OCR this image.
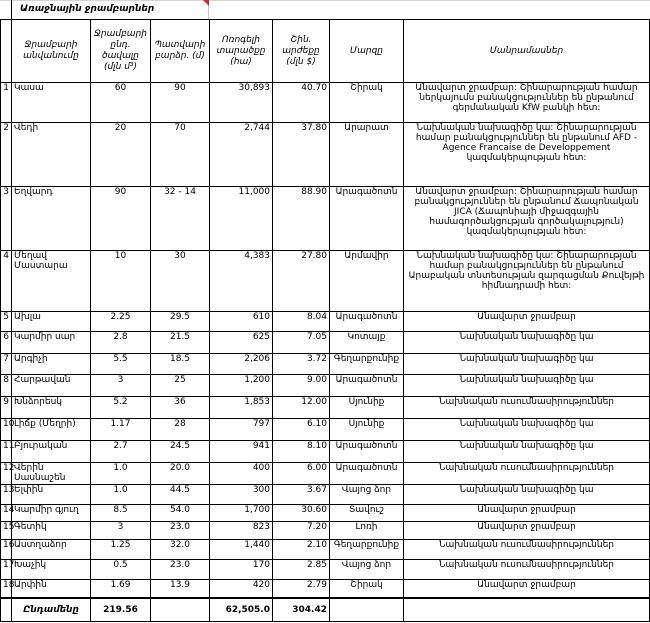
Առաջնային ջրամբարներ
	Ջրամբարի անվանումը	Ջրամբարի ընդ. ծավալը (մլն մ³)	Պատվարի բարձր. (մ)	Ոռոգելի տարածքը (հա)	Շին. արժեքը (մլն $)	Մարզը	Մանրամասներ
1	Կասա	60	90	30,893	40.70	Շիրակ	Անավարտ ջրամբար: Շինարարության համար ներկայումս բանակցություններ են ընթանում գերմանական KfW բանկի հետ:
2	Վեդի	20	70	2,744	37.80	Արարատ	Նախնական նախագիծը կա: Շինարարության համար բանակցություններ են ընթանում AFD - Agence Francaise de Developpement կազմակերպության հետ:
3	Եղվարդ	90	32 - 14	11,000	88.90	Արագածոտն	Անավարտ ջրամբար: Շինարարության համար բանակցություններ են ընթանում Ճապոնական JICA (Ճապոնիայի միջազգային համագործակցության գործակալություն) կազմակերպության հետ:
4	Մեղավ Մաստարա	10	30	4,383	27.80	Արմավիր	Նախնական նախագիծը կա: Շինարարության համար բանակցություններ են ընթանում Արաբական տնտեսության զարգացման Քուվեյթի հիմնադրամի հետ:
5	Ախլա	2.25	29.5	610	8.04	Արագածոտն	Անավարտ ջրամբար
6	Կարմիր սար	2.8	21.5	625	7.05	Կոտայք	Նախնական նախագիծը կա
7	Արգիչի	5.5	18.5	2,206	3.72	Գեղարքունիք	Նախնական նախագիծը կա
8	Հարթավան	3	25	1,200	9.00	Արագածոտն	Նախնական նախագիծը կա
9	Խնձորեսկ	5.2	36	1,853	12.00	Սյունիք	Նախնական ուսումնասիրություններ
10	Լիճք (Մեղրի)	1.17	28	797	6.10	Սյունիք	Նախնական նախագիծը կա
11	Բյուրական	2.7	24.5	941	8.10	Արագածոտն	Նախնական նախագիծը կա
12	Վերին Սասնաշեն	1.0	20.0	400	6.00	Արագածոտն	Նախնական ուսումնասիրություններ
13	Ելփին	1.0	44.5	300	3.67	Վայոց ձոր	Նախնական նախագիծը կա
14	Կարմիր գյուղ	8.5	54.0	1,700	30.60	Տավուշ	Անավարտ ջրամբար
15	Գետիկ	3	23.0	823	7.20	Լոռի	Անավարտ ջրամբար
16	Աստղաձոր	1.25	32.0	1,440	2.10	Գեղարքունիք	Նախնական ուսումնասիրություններ
17	Խաչիկ	0.5	23.0	170	2.85	Վայոց ձոր	Նախնական ուսումնասիրություններ
18	Արփին	1.69	13.9	420	2.79	Շիրակ	Անավարտ ջրամբար
	Ընդամենը	219.56		62,505.0	304.42		
